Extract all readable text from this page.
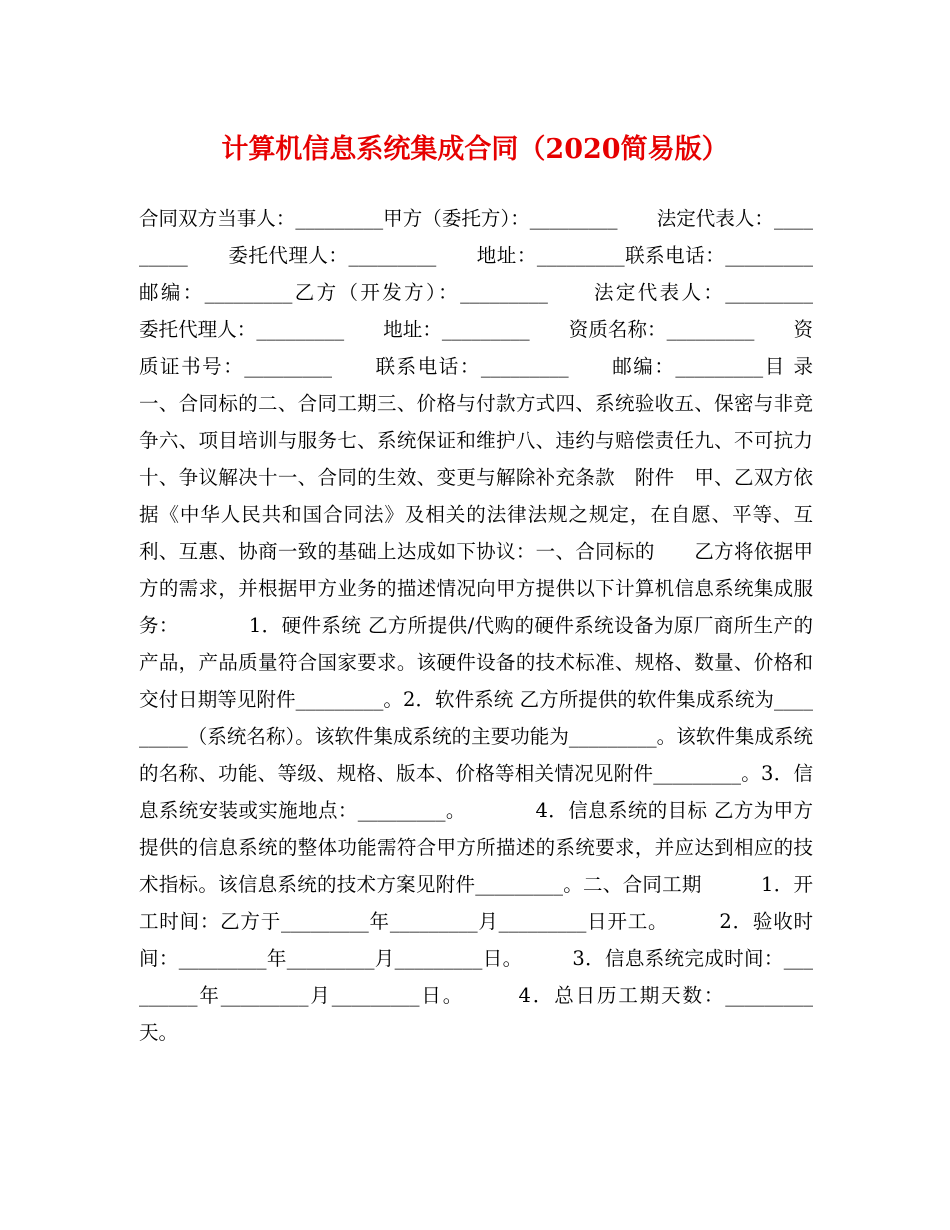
计算机信息系统集成合同（2020简易版）

合同双方当事人：_________甲方（委托方）：_________　　法定代表人：_________　　委托代理人：_________　　地址：_________联系电话：_________　　邮编：_________乙方（开发方）：_________　　法定代表人：_________　　委托代理人：_________　　地址：_________　　资质名称：_________　　资质证书号：_________　　联系电话：_________　　邮编：_________目 录 一、合同标的二、合同工期三、价格与付款方式四、系统验收五、保密与非竞争六、项目培训与服务七、系统保证和维护八、违约与赔偿责任九、不可抗力十、争议解决十一、合同的生效、变更与解除补充条款　附件　甲、乙双方依据《中华人民共和国合同法》及相关的法律法规之规定，在自愿、平等、互利、互惠、协商一致的基础上达成如下协议：一、合同标的　　乙方将依据甲方的需求，并根据甲方业务的描述情况向甲方提供以下计算机信息系统集成服务：　　　　1．硬件系统 乙方所提供/代购的硬件系统设备为原厂商所生产的产品，产品质量符合国家要求。该硬件设备的技术标准、规格、数量、价格和交付日期等见附件_________。2．软件系统 乙方所提供的软件集成系统为_________（系统名称）。该软件集成系统的主要功能为_________。该软件集成系统的名称、功能、等级、规格、版本、价格等相关情况见附件_________。3．信息系统安装或实施地点：_________。　　　　4．信息系统的目标 乙方为甲方提供的信息系统的整体功能需符合甲方所描述的系统要求，并应达到相应的技术指标。该信息系统的技术方案见附件_________。二、合同工期　　　1．开工时间：乙方于_________年_________月_________日开工。　　　2．验收时间：_________年_________月_________日。　　　3．信息系统完成时间：_________年_________月_________日。　　　4．总日历工期天数：_________天。
